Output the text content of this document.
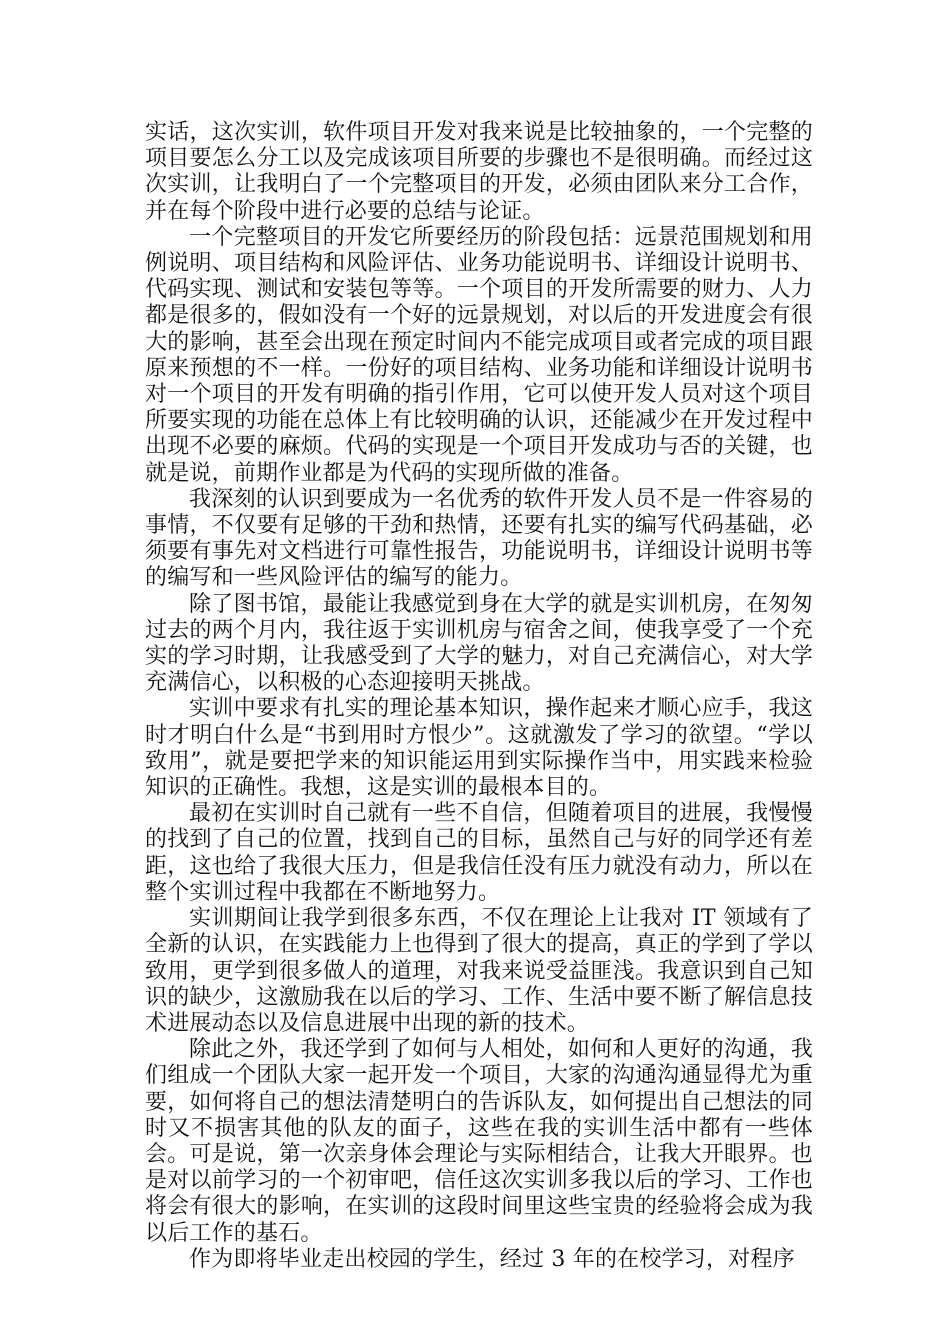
实话，这次实训，软件项目开发对我来说是比较抽象的，一个完整的项目要怎么分工以及完成该项目所要的步骤也不是很明确。而经过这次实训，让我明白了一个完整项目的开发，必须由团队来分工合作，并在每个阶段中进行必要的总结与论证。

一个完整项目的开发它所要经历的阶段包括：远景范围规划和用例说明、项目结构和风险评估、业务功能说明书、详细设计说明书、代码实现、测试和安装包等等。一个项目的开发所需要的财力、人力都是很多的，假如没有一个好的远景规划，对以后的开发进度会有很大的影响，甚至会出现在预定时间内不能完成项目或者完成的项目跟原来预想的不一样。一份好的项目结构、业务功能和详细设计说明书对一个项目的开发有明确的指引作用，它可以使开发人员对这个项目所要实现的功能在总体上有比较明确的认识，还能减少在开发过程中出现不必要的麻烦。代码的实现是一个项目开发成功与否的关键，也就是说，前期作业都是为代码的实现所做的准备。

我深刻的认识到要成为一名优秀的软件开发人员不是一件容易的事情，不仅要有足够的干劲和热情，还要有扎实的编写代码基础，必须要有事先对文档进行可靠性报告，功能说明书，详细设计说明书等的编写和一些风险评估的编写的能力。

除了图书馆，最能让我感觉到身在大学的就是实训机房，在匆匆过去的两个月内，我往返于实训机房与宿舍之间，使我享受了一个充实的学习时期，让我感受到了大学的魅力，对自己充满信心，对大学充满信心，以积极的心态迎接明天挑战。

实训中要求有扎实的理论基本知识，操作起来才顺心应手，我这时才明白什么是“书到用时方恨少”。这就激发了学习的欲望。“学以致用”，就是要把学来的知识能运用到实际操作当中，用实践来检验知识的正确性。我想，这是实训的最根本目的。

最初在实训时自己就有一些不自信，但随着项目的进展，我慢慢的找到了自己的位置，找到自己的目标，虽然自己与好的同学还有差距，这也给了我很大压力，但是我信任没有压力就没有动力，所以在整个实训过程中我都在不断地努力。

实训期间让我学到很多东西，不仅在理论上让我对 IT 领域有了全新的认识，在实践能力上也得到了很大的提高，真正的学到了学以致用，更学到很多做人的道理，对我来说受益匪浅。我意识到自己知识的缺少，这激励我在以后的学习、工作、生活中要不断了解信息技术进展动态以及信息进展中出现的新的技术。

除此之外，我还学到了如何与人相处，如何和人更好的沟通，我们组成一个团队大家一起开发一个项目，大家的沟通沟通显得尤为重要，如何将自己的想法清楚明白的告诉队友，如何提出自己想法的同时又不损害其他的队友的面子，这些在我的实训生活中都有一些体会。可是说，第一次亲身体会理论与实际相结合，让我大开眼界。也是对以前学习的一个初审吧，信任这次实训多我以后的学习、工作也将会有很大的影响，在实训的这段时间里这些宝贵的经验将会成为我以后工作的基石。

作为即将毕业走出校园的学生，经过 3 年的在校学习，对程序
